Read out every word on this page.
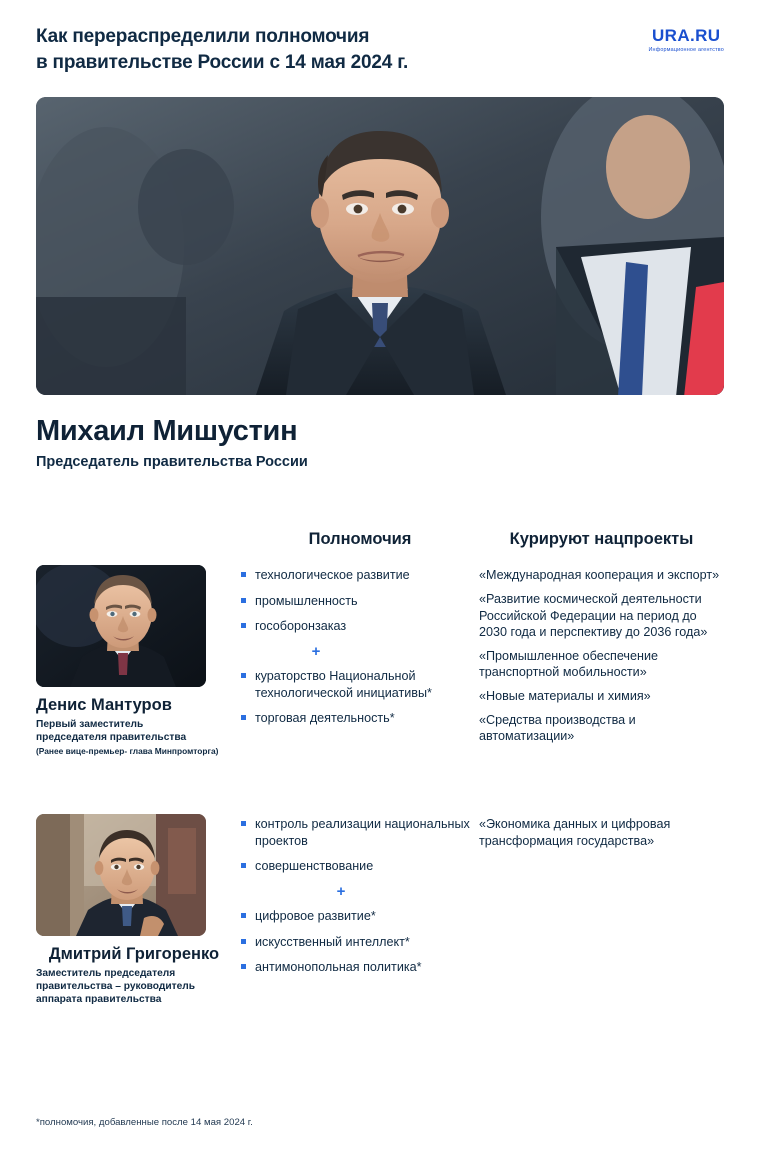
Как перераспределили полномочия
в правительстве России с 14 мая 2024 г.
URA.RU
Информационное агентство
Михаил Мишустин
Председатель правительства России
Полномочия	Курируют нацпроекты
Денис Мантуров
Первый заместитель председателя правительства
(Ранее вице-премьер- глава Минпромторга)
технологическое развитие
промышленность
гособоронзаказ
+
кураторство Национальной технологической инициативы*
торговая деятельность*
«Международная кооперация и экспорт»
«Развитие космической деятельности Российской Федерации на период до 2030 года и перспективу до 2036 года»
«Промышленное обеспечение транспортной мобильности»
«Новые материалы и химия»
«Средства производства и автоматизации»
Дмитрий Григоренко
Заместитель председателя правительства – руководитель аппарата правительства
контроль реализации национальных проектов
совершенствование
+
цифровое развитие*
искусственный интеллект*
антимонопольная политика*
«Экономика данных и цифровая трансформация государства»
*полномочия, добавленные после 14 мая 2024 г.
